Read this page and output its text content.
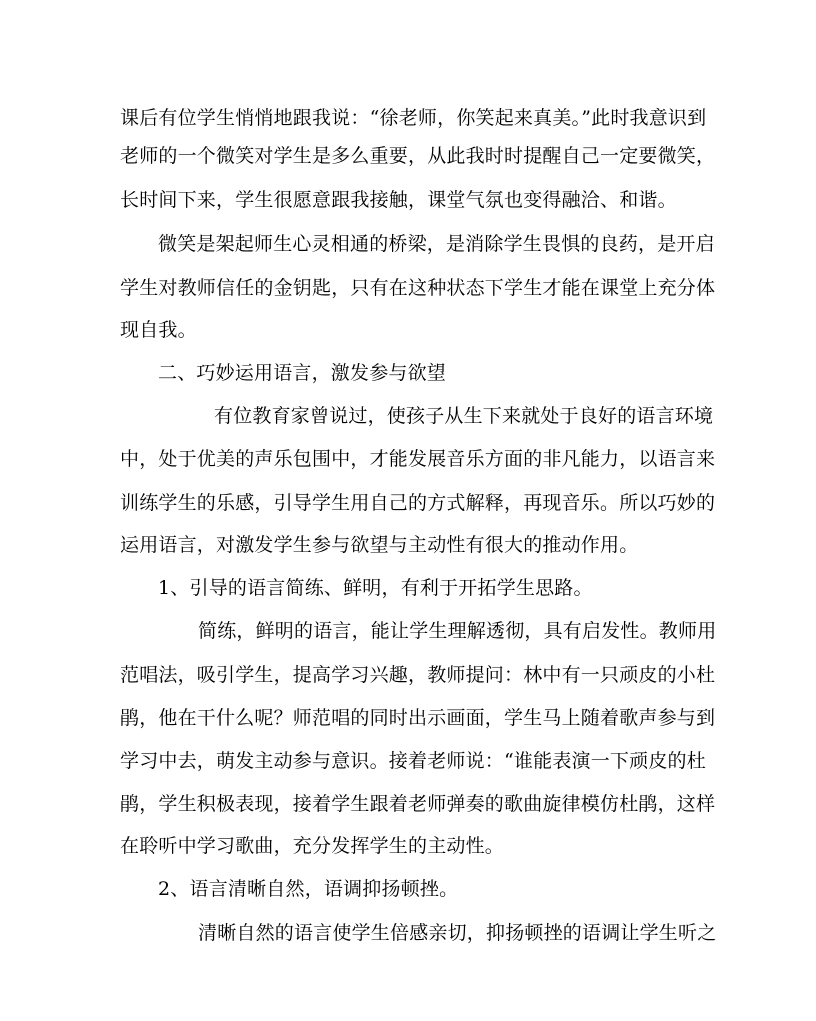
课后有位学生悄悄地跟我说：“徐老师，你笑起来真美。”此时我意识到
老师的一个微笑对学生是多么重要，从此我时时提醒自己一定要微笑，
长时间下来，学生很愿意跟我接触，课堂气氛也变得融洽、和谐。
微笑是架起师生心灵相通的桥梁，是消除学生畏惧的良药，是开启
学生对教师信任的金钥匙，只有在这种状态下学生才能在课堂上充分体
现自我。
二、巧妙运用语言，激发参与欲望
有位教育家曾说过，使孩子从生下来就处于良好的语言环境
中，处于优美的声乐包围中，才能发展音乐方面的非凡能力，以语言来
训练学生的乐感，引导学生用自己的方式解释，再现音乐。所以巧妙的
运用语言，对激发学生参与欲望与主动性有很大的推动作用。
1、引导的语言简练、鲜明，有利于开拓学生思路。
简练，鲜明的语言，能让学生理解透彻，具有启发性。教师用
范唱法，吸引学生，提高学习兴趣，教师提问：林中有一只顽皮的小杜
鹃，他在干什么呢？师范唱的同时出示画面，学生马上随着歌声参与到
学习中去，萌发主动参与意识。接着老师说：“谁能表演一下顽皮的杜
鹃，学生积极表现，接着学生跟着老师弹奏的歌曲旋律模仿杜鹃，这样
在聆听中学习歌曲，充分发挥学生的主动性。
2、语言清晰自然，语调抑扬顿挫。
清晰自然的语言使学生倍感亲切，抑扬顿挫的语调让学生听之
